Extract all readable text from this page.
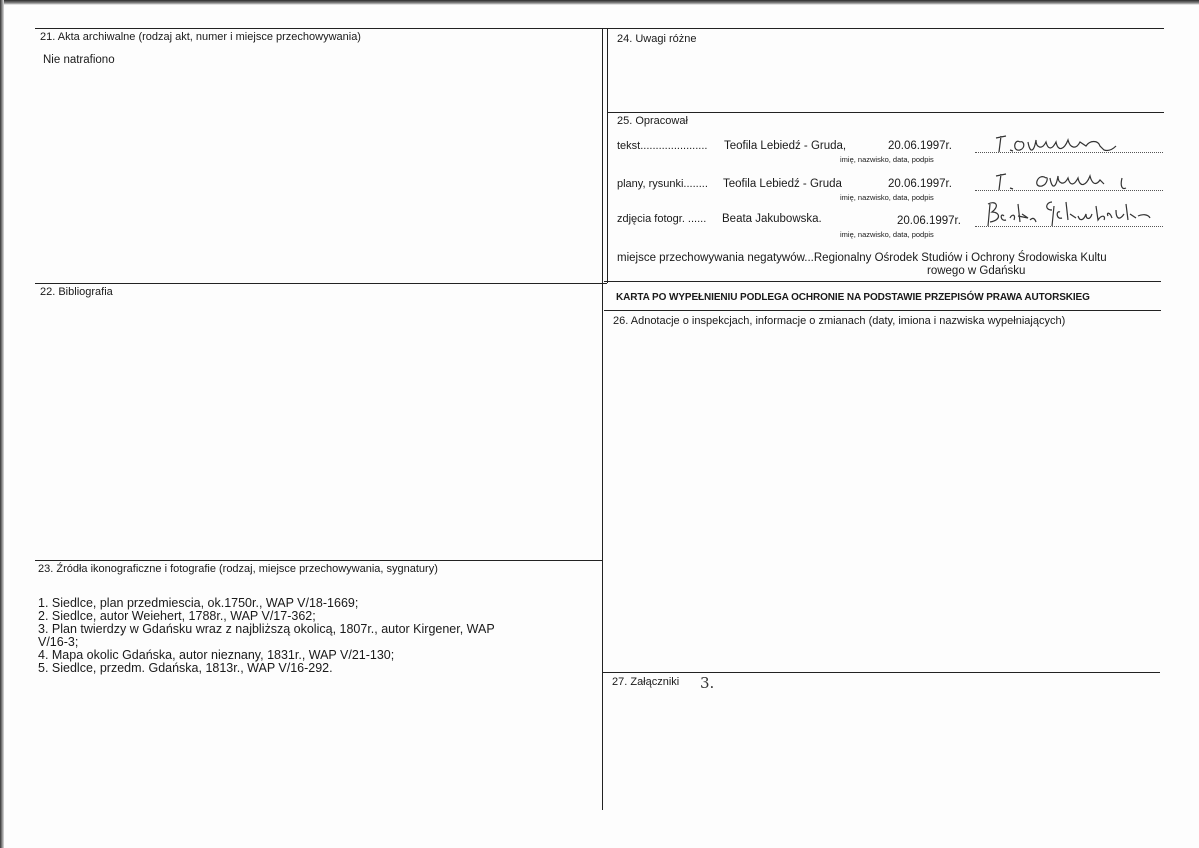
21. Akta archiwalne (rodzaj akt, numer i miejsce przechowywania)
Nie natrafiono
24. Uwagi różne
25. Opracował
tekst...................... Teofila Lebiedź - Gruda,	20.06.1997r.
imię, nazwisko, data, podpis
plany, rysunki........ Teofila Lebiedź - Gruda	20.06.1997r.
imię, nazwisko, data, podpis
zdjęcia fotogr. ...... Beata Jakubowska.	20.06.1997r.
imię, nazwisko, data, podpis
miejsce przechowywania negatywów...Regionalny Ośrodek Studiów i Ochrony Środowiska Kultu
rowego w Gdańsku
KARTA PO WYPEŁNIENIU PODLEGA OCHRONIE NA PODSTAWIE PRZEPISÓW PRAWA AUTORSKIEG
22. Bibliografia
26. Adnotacje o inspekcjach, informacje o zmianach (daty, imiona i nazwiska wypełniających)
23. Źródła ikonograficzne i fotografie (rodzaj, miejsce przechowywania, sygnatury)
1. Siedlce, plan przedmiescia, ok.1750r., WAP V/18-1669;
2. Siedlce, autor Weiehert, 1788r., WAP V/17-362;
3. Plan twierdzy w Gdańsku wraz z najbliższą okolicą, 1807r., autor Kirgener, WAP
V/16-3;
4. Mapa okolic Gdańska, autor nieznany, 1831r., WAP V/21-130;
5. Siedlce, przedm. Gdańska, 1813r., WAP V/16-292.
27. Załączniki 3.
